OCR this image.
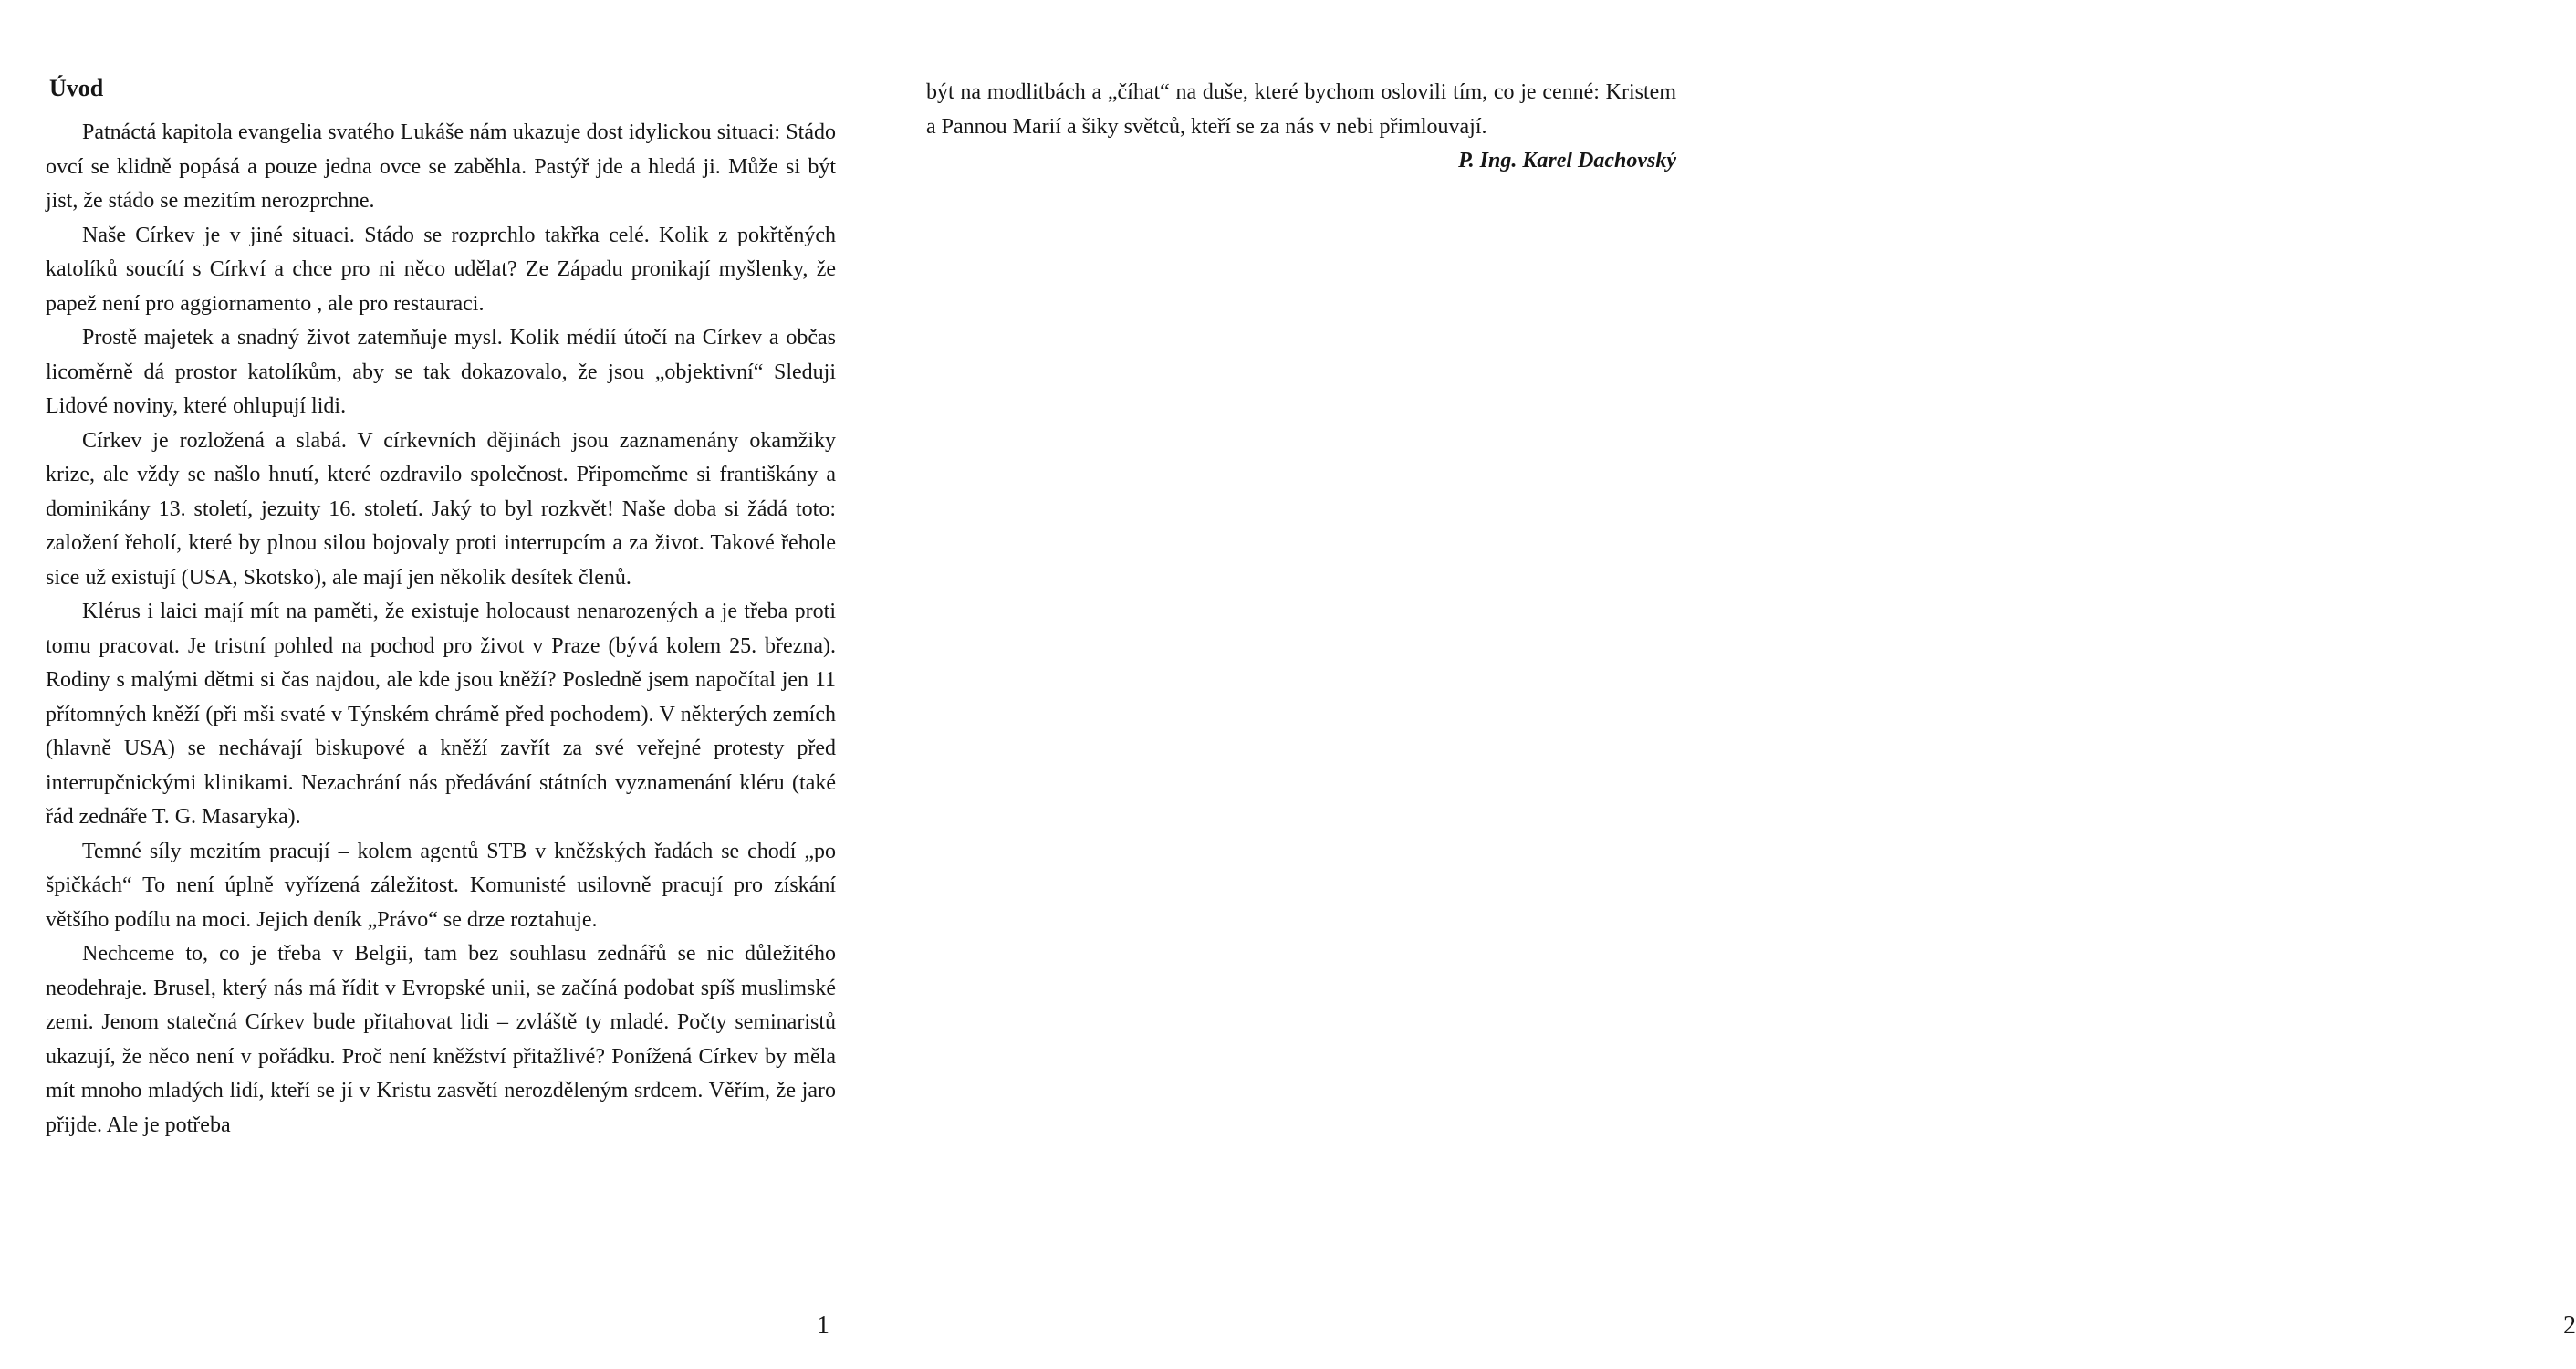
Úvod

Patnáctá kapitola evangelia svatého Lukáše nám ukazuje dost idylickou situaci: Stádo ovcí se klidně popásá a pouze jedna ovce se zaběhla. Pastýř jde a hledá ji. Může si být jist, že stádo se mezitím nerozprchne.

Naše Církev je v jiné situaci. Stádo se rozprchlo takřka celé. Kolik z pokřtěných katolíků soucítí s Církví a chce pro ni něco udělat? Ze Západu pronikají myšlenky, že papež není pro aggiornamento , ale pro restauraci.

Prostě majetek a snadný život zatemňuje mysl. Kolik médií útočí na Církev a občas licoměrně dá prostor katolíkům, aby se tak dokazovalo, že jsou „objektivní“ Sleduji Lidové noviny, které ohlupují lidi.

Církev je rozložená a slabá. V církevních dějinách jsou zaznamenány okamžiky krize, ale vždy se našlo hnutí, které ozdravilo společnost. Připomeňme si františkány a dominikány 13. století, jezuity 16. století. Jaký to byl rozkvět! Naše doba si žádá toto: založení řeholí, které by plnou silou bojovaly proti interrupcím a za život. Takové řehole sice už existují (USA, Skotsko), ale mají jen několik desítek členů.

Klérus i laici mají mít na paměti, že existuje holocaust nenarozených a je třeba proti tomu pracovat. Je tristní pohled na pochod pro život v Praze (bývá kolem 25. března). Rodiny s malými dětmi si čas najdou, ale kde jsou kněží? Posledně jsem napočítal jen 11 přítomných kněží (při mši svaté v Týnském chrámě před pochodem). V některých zemích (hlavně USA) se nechávají biskupové a kněží zavřít za své veřejné protesty před interrupčnickými klinikami. Nezachrání nás předávání státních vyznamenání kléru (také řád zednáře T. G. Masaryka).

Temné síly mezitím pracují – kolem agentů STB v kněžských řadách se chodí „po špičkách“ To není úplně vyřízená záležitost. Komunisté usilovně pracují pro získání většího podílu na moci. Jejich deník „Právo“ se drze roztahuje.

Nechceme to, co je třeba v Belgii, tam bez souhlasu zednářů se nic důležitého neodehraje. Brusel, který nás má řídit v Evropské unii, se začíná podobat spíš muslimské zemi. Jenom statečná Církev bude přitahovat lidi – zvláště ty mladé. Počty seminaristů ukazují, že něco není v pořádku. Proč není kněžství přitažlivé? Ponížená Církev by měla mít mnoho mladých lidí, kteří se jí v Kristu zasvětí nerozděleným srdcem. Věřím, že jaro přijde. Ale je potřeba

1

být na modlitbách a „číhat“ na duše, které bychom oslovili tím, co je cenné: Kristem a Pannou Marií a šiky světců, kteří se za nás v nebi přimlouvají.

P. Ing. Karel Dachovský

2
